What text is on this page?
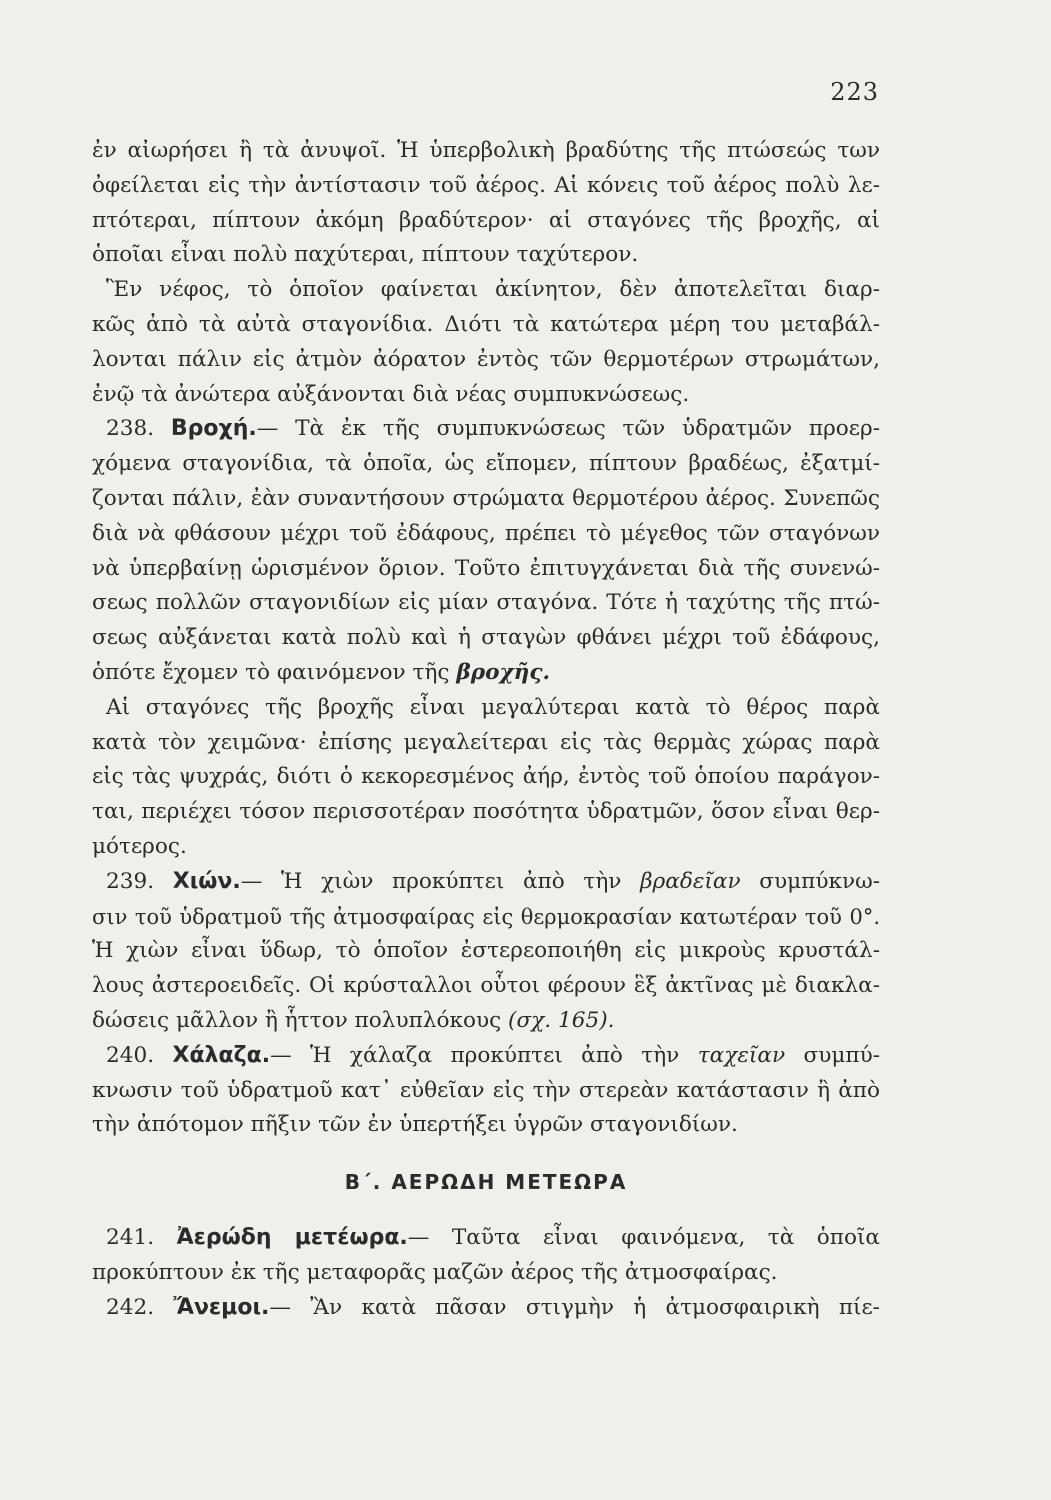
223
ἐν αἰωρήσει ἢ τὰ ἀνυψοῖ. Ἡ ὑπερβολικὴ βραδύτης τῆς πτώσεώς των
ὀφείλεται εἰς τὴν ἀντίστασιν τοῦ ἀέρος. Αἱ κόνεις τοῦ ἀέρος πολὺ λε-
πτότεραι, πίπτουν ἀκόμη βραδύτερον· αἱ σταγόνες τῆς βροχῆς, αἱ
ὁποῖαι εἶναι πολὺ παχύτεραι, πίπτουν ταχύτερον.
Ἓν νέφος, τὸ ὁποῖον φαίνεται ἀκίνητον, δὲν ἀποτελεῖται διαρ-
κῶς ἀπὸ τὰ αὐτὰ σταγονίδια. Διότι τὰ κατώτερα μέρη του μεταβάλ-
λονται πάλιν εἰς ἀτμὸν ἀόρατον ἐντὸς τῶν θερμοτέρων στρωμάτων,
ἐνῷ τὰ ἀνώτερα αὐξάνονται διὰ νέας συμπυκνώσεως.
238. Βροχή.— Τὰ ἐκ τῆς συμπυκνώσεως τῶν ὑδρατμῶν προερ-
χόμενα σταγονίδια, τὰ ὁποῖα, ὡς εἴπομεν, πίπτουν βραδέως, ἐξατμί-
ζονται πάλιν, ἐὰν συναντήσουν στρώματα θερμοτέρου ἀέρος. Συνεπῶς
διὰ νὰ φθάσουν μέχρι τοῦ ἐδάφους, πρέπει τὸ μέγεθος τῶν σταγόνων
νὰ ὑπερβαίνῃ ὡρισμένον ὅριον. Τοῦτο ἐπιτυγχάνεται διὰ τῆς συνενώ-
σεως πολλῶν σταγονιδίων εἰς μίαν σταγόνα. Τότε ἡ ταχύτης τῆς πτώ-
σεως αὐξάνεται κατὰ πολὺ καὶ ἡ σταγὼν φθάνει μέχρι τοῦ ἐδάφους,
ὁπότε ἔχομεν τὸ φαινόμενον τῆς βροχῆς.
Αἱ σταγόνες τῆς βροχῆς εἶναι μεγαλύτεραι κατὰ τὸ θέρος παρὰ
κατὰ τὸν χειμῶνα· ἐπίσης μεγαλείτεραι εἰς τὰς θερμὰς χώρας παρὰ
εἰς τὰς ψυχράς, διότι ὁ κεκορεσμένος ἀήρ, ἐντὸς τοῦ ὁποίου παράγον-
ται, περιέχει τόσον περισσοτέραν ποσότητα ὑδρατμῶν, ὅσον εἶναι θερ-
μότερος.
239. Χιών.— Ἡ χιὼν προκύπτει ἀπὸ τὴν βραδεῖαν συμπύκνω-
σιν τοῦ ὑδρατμοῦ τῆς ἀτμοσφαίρας εἰς θερμοκρασίαν κατωτέραν τοῦ 0°.
Ἡ χιὼν εἶναι ὕδωρ, τὸ ὁποῖον ἐστερεοποιήθη εἰς μικροὺς κρυστάλ-
λους ἀστεροειδεῖς. Οἱ κρύσταλλοι οὗτοι φέρουν ἓξ ἀκτῖνας μὲ διακλα-
δώσεις μᾶλλον ἢ ἧττον πολυπλόκους (σχ. 165).
240. Χάλαζα.— Ἡ χάλαζα προκύπτει ἀπὸ τὴν ταχεῖαν συμπύ-
κνωσιν τοῦ ὑδρατμοῦ κατ᾽ εὐθεῖαν εἰς τὴν στερεὰν κατάστασιν ἢ ἀπὸ
τὴν ἀπότομον πῆξιν τῶν ἐν ὑπερτήξει ὑγρῶν σταγονιδίων.
Β΄. ΑΕΡΩΔΗ ΜΕΤΕΩΡΑ
241. Ἀερώδη μετέωρα.— Ταῦτα εἶναι φαινόμενα, τὰ ὁποῖα
προκύπτουν ἐκ τῆς μεταφορᾶς μαζῶν ἀέρος τῆς ἀτμοσφαίρας.
242. Ἄνεμοι.— Ἂν κατὰ πᾶσαν στιγμὴν ἡ ἀτμοσφαιρικὴ πίε-
